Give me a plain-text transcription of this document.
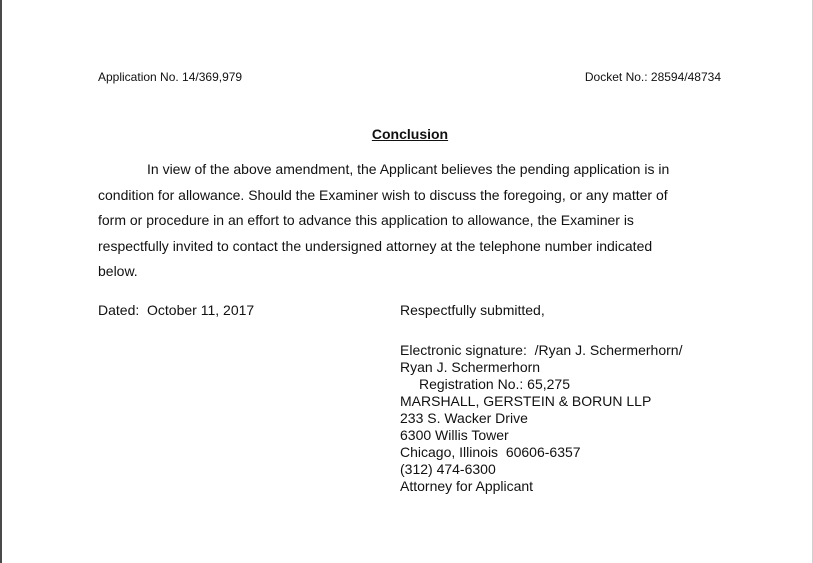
Application No. 14/369,979	Docket No.: 28594/48734
Conclusion
In view of the above amendment, the Applicant believes the pending application is in
condition for allowance. Should the Examiner wish to discuss the foregoing, or any matter of
form or procedure in an effort to advance this application to allowance, the Examiner is
respectfully invited to contact the undersigned attorney at the telephone number indicated
below.
Dated:  October 11, 2017	Respectfully submitted,
Electronic signature:  /Ryan J. Schermerhorn/
Ryan J. Schermerhorn
Registration No.: 65,275
MARSHALL, GERSTEIN & BORUN LLP
233 S. Wacker Drive
6300 Willis Tower
Chicago, Illinois  60606-6357
(312) 474-6300
Attorney for Applicant
